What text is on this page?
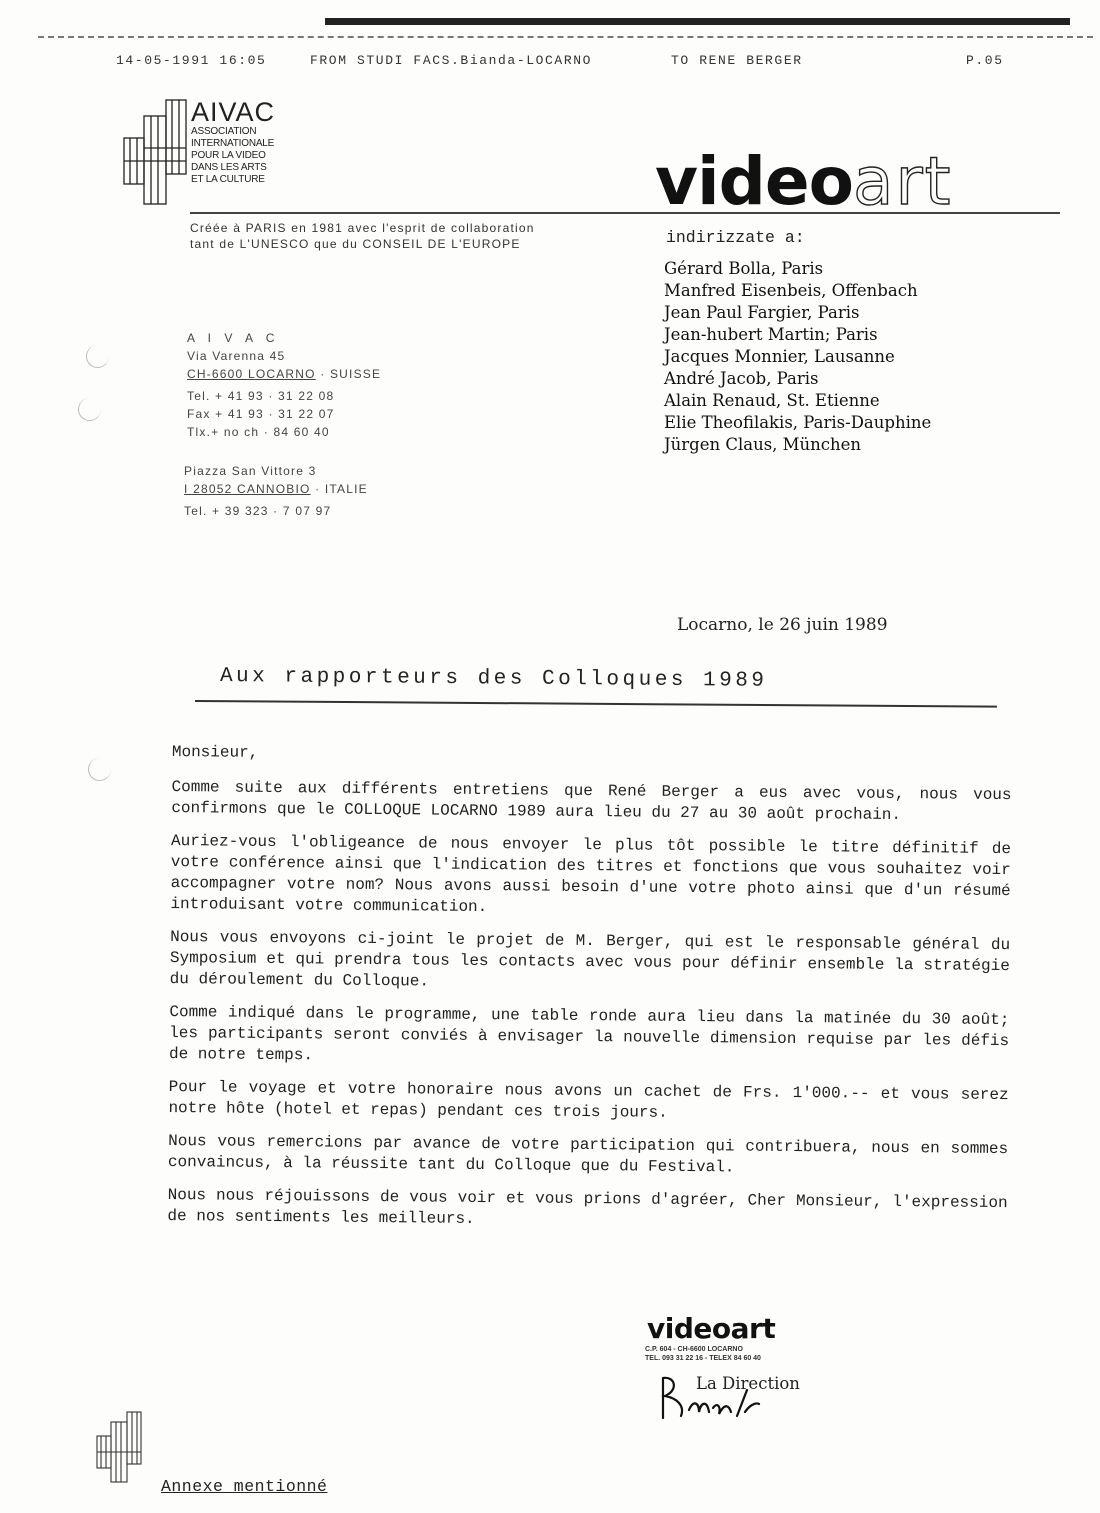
14-05-1991 16:05	FROM STUDI FACS.Bianda-LOCARNO	TO RENE BERGER	P.05
AIVAC
ASSOCIATION
INTERNATIONALE
POUR LA VIDEO
DANS LES ARTS
ET LA CULTURE	videoart
Créée à PARIS en 1981 avec l'esprit de collaboration
tant de L'UNESCO que du CONSEIL DE L'EUROPE	indirizzate a:
Gérard Bolla, Paris
Manfred Eisenbeis, Offenbach
Jean Paul Fargier, Paris
Jean-hubert Martin; Paris
Jacques Monnier, Lausanne
André Jacob, Paris
Alain Renaud, St. Etienne
Elie Theofilakis, Paris-Dauphine
Jürgen Claus, München
A I V A C
Via Varenna 45
CH-6600 LOCARNO · SUISSE
Tel. + 41 93 · 31 22 08
Fax + 41 93 · 31 22 07
Tlx.+ no ch · 84 60 40
Piazza San Vittore 3
I 28052 CANNOBIO · ITALIE
Tel. + 39 323 · 7 07 97
Locarno, le 26 juin 1989
Aux rapporteurs des Colloques 1989

Monsieur,

Comme suite aux différents entretiens que René Berger a eus avec vous, nous vous confirmons que le COLLOQUE LOCARNO 1989 aura lieu du 27 au 30 août prochain.

Auriez-vous l'obligeance de nous envoyer le plus tôt possible le titre définitif de votre conférence ainsi que l'indication des titres et fonctions que vous souhaitez voir accompagner votre nom? Nous avons aussi besoin d'une votre photo ainsi que d'un résumé introduisant votre communication.

Nous vous envoyons ci-joint le projet de M. Berger, qui est le responsable général du Symposium et qui prendra tous les contacts avec vous pour définir ensemble la stratégie du déroulement du Colloque.

Comme indiqué dans le programme, une table ronde aura lieu dans la matinée du 30 août; les participants seront conviés à envisager la nouvelle dimension requise par les défis de notre temps.

Pour le voyage et votre honoraire nous avons un cachet de Frs. 1'000.-- et vous serez notre hôte (hotel et repas) pendant ces trois jours.

Nous vous remercions par avance de votre participation qui contribuera, nous en sommes convaincus, à la réussite tant du Colloque que du Festival.

Nous nous réjouissons de vous voir et vous prions d'agréer, Cher Monsieur, l'expression de nos sentiments les meilleurs.

videoart
C.P. 604 - CH-6600 LOCARNO
TEL. 093 31 22 16 - TELEX 84 60 40
La Direction
Annexe mentionné
